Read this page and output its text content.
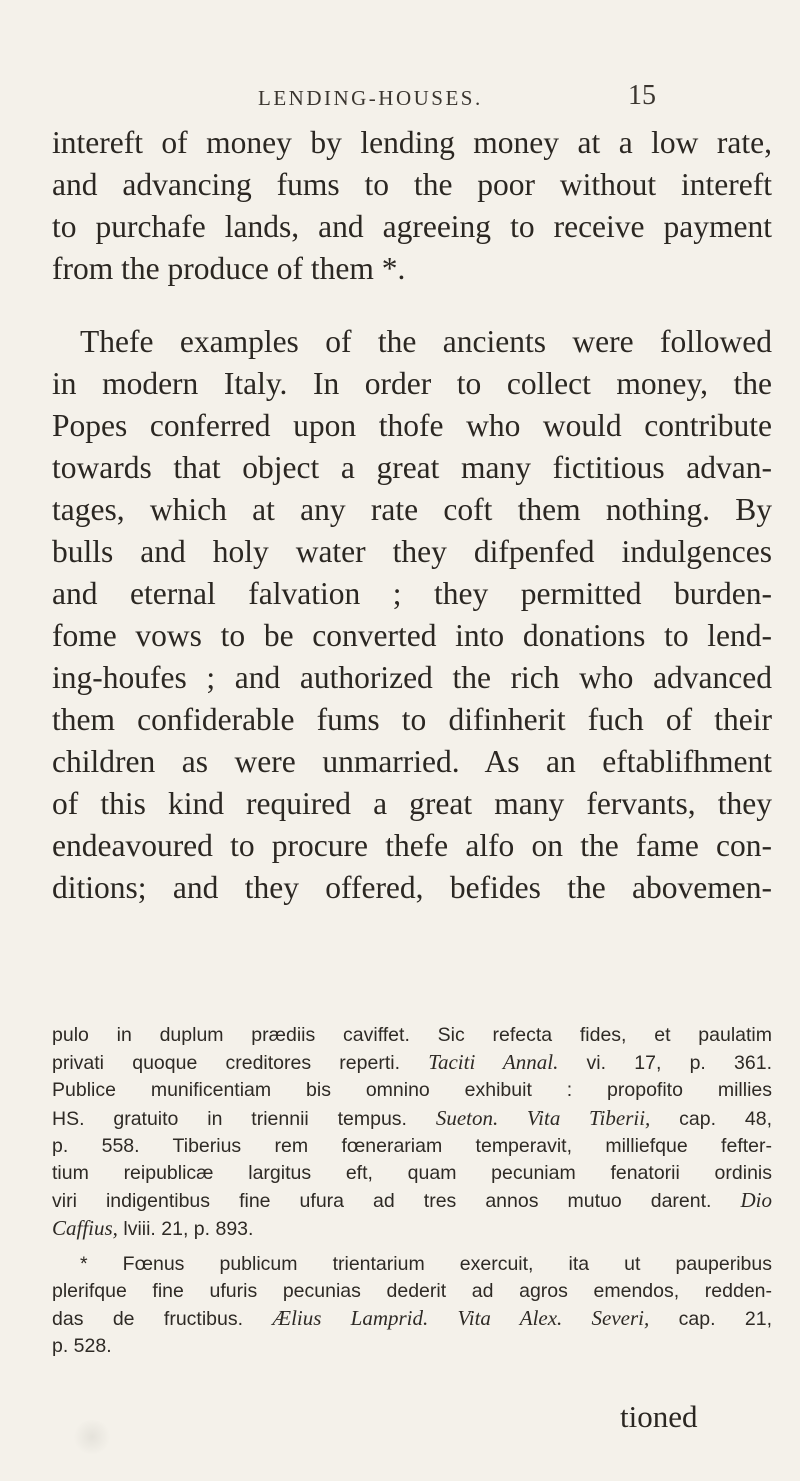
LENDING-HOUSES.	15

intereft of money by lending money at a low rate,

and advancing fums to the poor without intereft

to purchafe lands, and agreeing to receive payment

from the produce of them *.

Thefe examples of the ancients were followed

in modern Italy. In order to collect money, the

Popes conferred upon thofe who would contribute

towards that object a great many fictitious advan-

tages, which at any rate coft them nothing. By

bulls and holy water they difpenfed indulgences

and eternal falvation ; they permitted burden-

fome vows to be converted into donations to lend-

ing-houfes ; and authorized the rich who advanced

them confiderable fums to difinherit fuch of their

children as were unmarried. As an eftablifhment

of this kind required a great many fervants, they

endeavoured to procure thefe alfo on the fame con-

ditions; and they offered, befides the abovemen-

pulo in duplum prædiis caviffet. Sic refecta fides, et paulatim

privati quoque creditores reperti. Taciti Annal. vi. 17, p. 361.

Publice munificentiam bis omnino exhibuit : propofito millies

HS. gratuito in triennii tempus. Sueton. Vita Tiberii, cap. 48,

p. 558. Tiberius rem fœnerariam temperavit, milliefque fefter-

tium reipublicæ largitus eft, quam pecuniam fenatorii ordinis

viri indigentibus fine ufura ad tres annos mutuo darent. Dio

Caffius, lviii. 21, p. 893.

* Fœnus publicum trientarium exercuit, ita ut pauperibus

plerifque fine ufuris pecunias dederit ad agros emendos, redden-

das de fructibus. Ælius Lamprid. Vita Alex. Severi, cap. 21,

p. 528.

tioned
